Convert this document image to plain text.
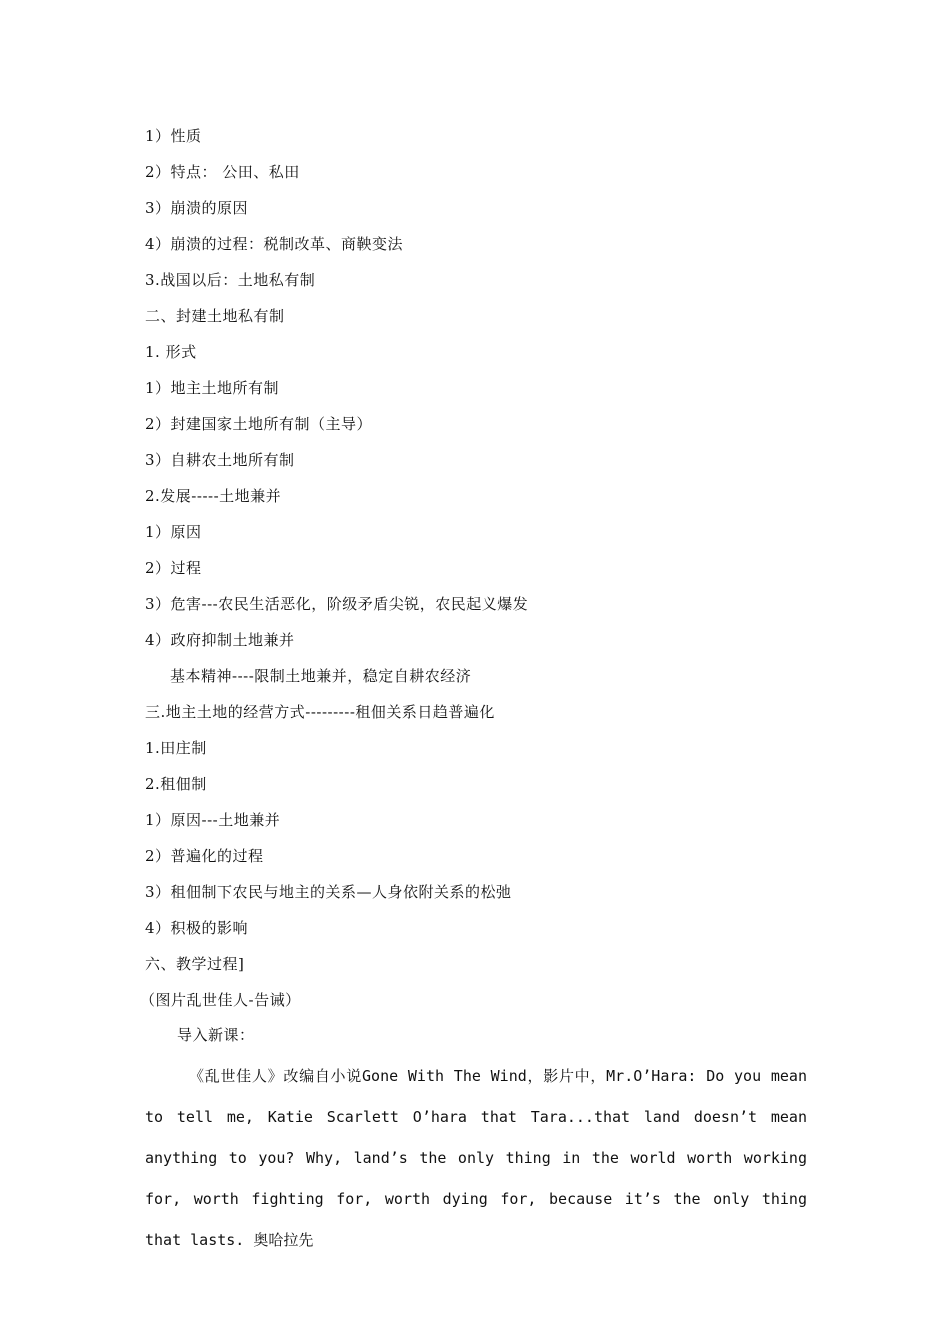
1）性质
2）特点： 公田、私田
3）崩溃的原因
4）崩溃的过程：税制改革、商鞅变法
3.战国以后：土地私有制
二、封建土地私有制
1. 形式
1）地主土地所有制
2）封建国家土地所有制（主导）
3）自耕农土地所有制
2.发展-----土地兼并
1）原因
2）过程
3）危害---农民生活恶化，阶级矛盾尖锐，农民起义爆发
4）政府抑制土地兼并
基本精神----限制土地兼并，稳定自耕农经济
三.地主土地的经营方式---------租佃关系日趋普遍化
1.田庄制
2.租佃制
1）原因---土地兼并
2）普遍化的过程
3）租佃制下农民与地主的关系—人身依附关系的松弛
4）积极的影响
六、教学过程]
（图片乱世佳人-告诫）
导入新课：
《乱世佳人》改编自小说Gone With The Wind，影片中，Mr.O’Hara: Do you mean to tell me, Katie Scarlett O’hara that Tara...that land doesn’t mean anything to you? Why, land’s the only thing in the world worth working for, worth fighting for, worth dying for, because it’s the only thing that lasts. 奥哈拉先
